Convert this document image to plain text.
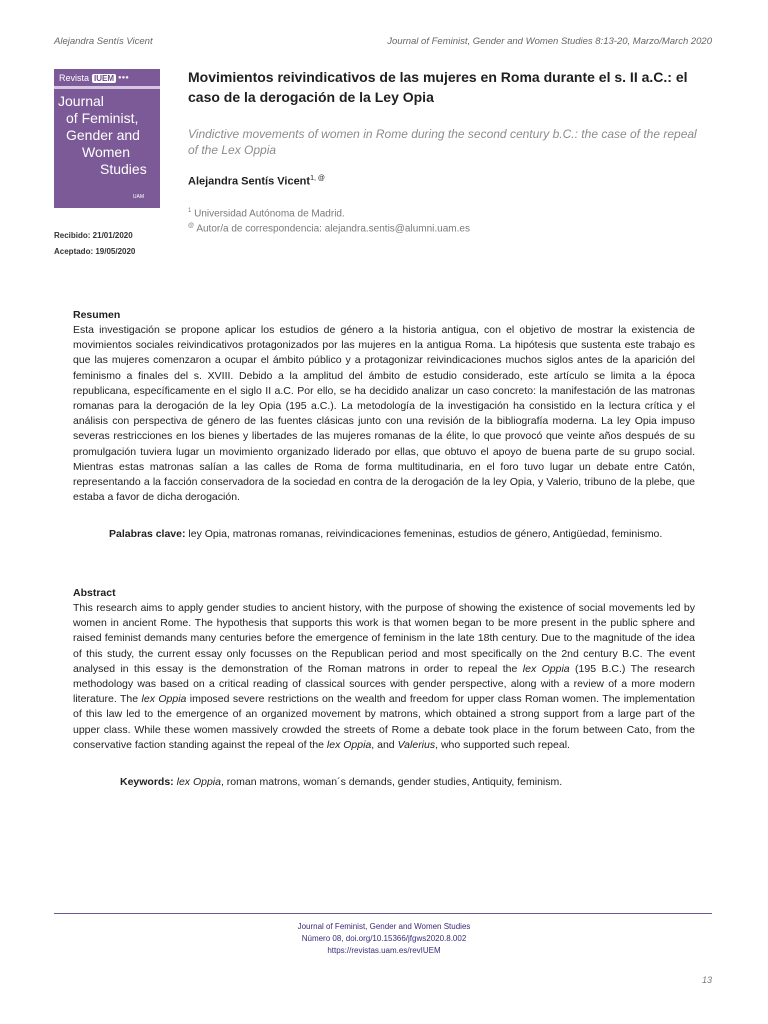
Alejandra Sentís Vicent	Journal of Feminist, Gender and Women Studies 8:13-20, Marzo/March 2020
Revista IUEM ●●●
Journal
of Feminist,
Gender and
Women
Studies
UAM
Recibido: 21/01/2020
Aceptado: 19/05/2020
Movimientos reivindicativos de las mujeres en Roma durante el s. II a.C.: el caso de la derogación de la Ley Opia

Vindictive movements of women in Rome during the second century b.C.: the case of the repeal of the Lex Oppia

Alejandra Sentís Vicent$^{1, @}$
$^1$ Universidad Autónoma de Madrid.
@ Autor/a de correspondencia: alejandra.sentis@alumni.uam.es
Resumen

Esta investigación se propone aplicar los estudios de género a la historia antigua, con el objetivo de mostrar la existencia de movimientos sociales reivindicativos protagonizados por las mujeres en la antigua Roma. La hipótesis que sustenta este trabajo es que las mujeres comenzaron a ocupar el ámbito público y a protagonizar reivindicaciones muchos siglos antes de la aparición del feminismo a finales del s. XVIII. Debido a la amplitud del ámbito de estudio considerado, este artículo se limita a la época republicana, específicamente en el siglo II a.C. Por ello, se ha decidido analizar un caso concreto: la manifestación de las matronas romanas para la derogación de la ley Opia (195 a.C.). La metodología de la investigación ha consistido en la lectura crítica y el análisis con perspectiva de género de las fuentes clásicas junto con una revisión de la bibliografía moderna. La ley Opia impuso severas restricciones en los bienes y libertades de las mujeres romanas de la élite, lo que provocó que veinte años después de su promulgación tuviera lugar un movimiento organizado liderado por ellas, que obtuvo el apoyo de buena parte de su grupo social. Mientras estas matronas salían a las calles de Roma de forma multitudinaria, en el foro tuvo lugar un debate entre Catón, representando a la facción conservadora de la sociedad en contra de la derogación de la ley Opia, y Valerio, tribuno de la plebe, que estaba a favor de dicha derogación.

Palabras clave: ley Opia, matronas romanas, reivindicaciones femeninas, estudios de género, Antigüedad, feminismo.

Abstract

This research aims to apply gender studies to ancient history, with the purpose of showing the existence of social movements led by women in ancient Rome. The hypothesis that supports this work is that women began to be more present in the public sphere and raised feminist demands many centuries before the emergence of feminism in the late 18th century. Due to the magnitude of the idea of this study, the current essay only focusses on the Republican period and most specifically on the 2nd century B.C. The event analysed in this essay is the demonstration of the Roman matrons in order to repeal the lex Oppia (195 B.C.) The research methodology was based on a critical reading of classical sources with gender perspective, along with a review of a more modern literature. The lex Oppia imposed severe restrictions on the wealth and freedom for upper class Roman women. The implementation of this law led to the emergence of an organized movement by matrons, which obtained a strong support from a large part of the upper class. While these women massively crowded the streets of Rome a debate took place in the forum between Cato, from the conservative faction standing against the repeal of the lex Oppia, and Valerius, who supported such repeal.

Keywords: lex Oppia, roman matrons, woman´s demands, gender studies, Antiquity, feminism.
Journal of Feminist, Gender and Women Studies
Número 08, doi.org/10.15366/jfgws2020.8.002
https://revistas.uam.es/revIUEM
13
